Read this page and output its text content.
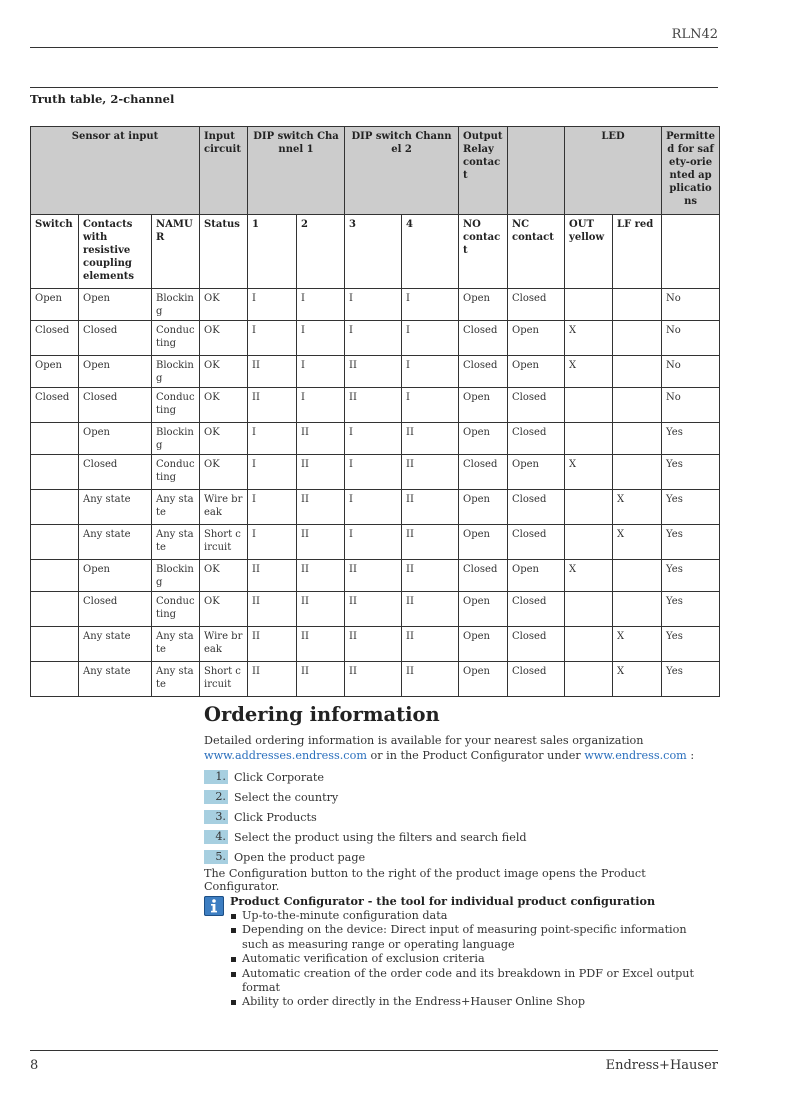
RLN42
Truth table, 2-channel
Sensor at input			Input circuit	DIP switch Channel 1		DIP switch Channel 2		Output Relay contact		LED		Permitted for safety-oriented applications
Switch	Contacts with resistive coupling elements	NAMUR	Status	1	2	3	4	NO contact	NC contact	OUT yellow	LF red	
Open	Open	Blocking	OK	I	I	I	I	Open	Closed			No
Closed	Closed	Conducting	OK	I	I	I	I	Closed	Open	X		No
Open	Open	Blocking	OK	II	I	II	I	Closed	Open	X		No
Closed	Closed	Conducting	OK	II	I	II	I	Open	Closed			No
	Open	Blocking	OK	I	II	I	II	Open	Closed			Yes
	Closed	Conducting	OK	I	II	I	II	Closed	Open	X		Yes
	Any state	Any state	Wire break	I	II	I	II	Open	Closed		X	Yes
	Any state	Any state	Short circuit	I	II	I	II	Open	Closed		X	Yes
	Open	Blocking	OK	II	II	II	II	Closed	Open	X		Yes
	Closed	Conducting	OK	II	II	II	II	Open	Closed			Yes
	Any state	Any state	Wire break	II	II	II	II	Open	Closed		X	Yes
	Any state	Any state	Short circuit	II	II	II	II	Open	Closed		X	Yes
Ordering information
Detailed ordering information is available for your nearest sales organization
www.addresses.endress.com or in the Product Configurator under www.endress.com :
1. Click Corporate
2. Select the country
3. Click Products
4. Select the product using the filters and search field
5. Open the product page
The Configuration button to the right of the product image opens the Product Configurator.
Product Configurator - the tool for individual product configuration
Up-to-the-minute configuration data
Depending on the device: Direct input of measuring point-specific information such as measuring range or operating language
Automatic verification of exclusion criteria
Automatic creation of the order code and its breakdown in PDF or Excel output format
Ability to order directly in the Endress+Hauser Online Shop
8	Endress+Hauser
